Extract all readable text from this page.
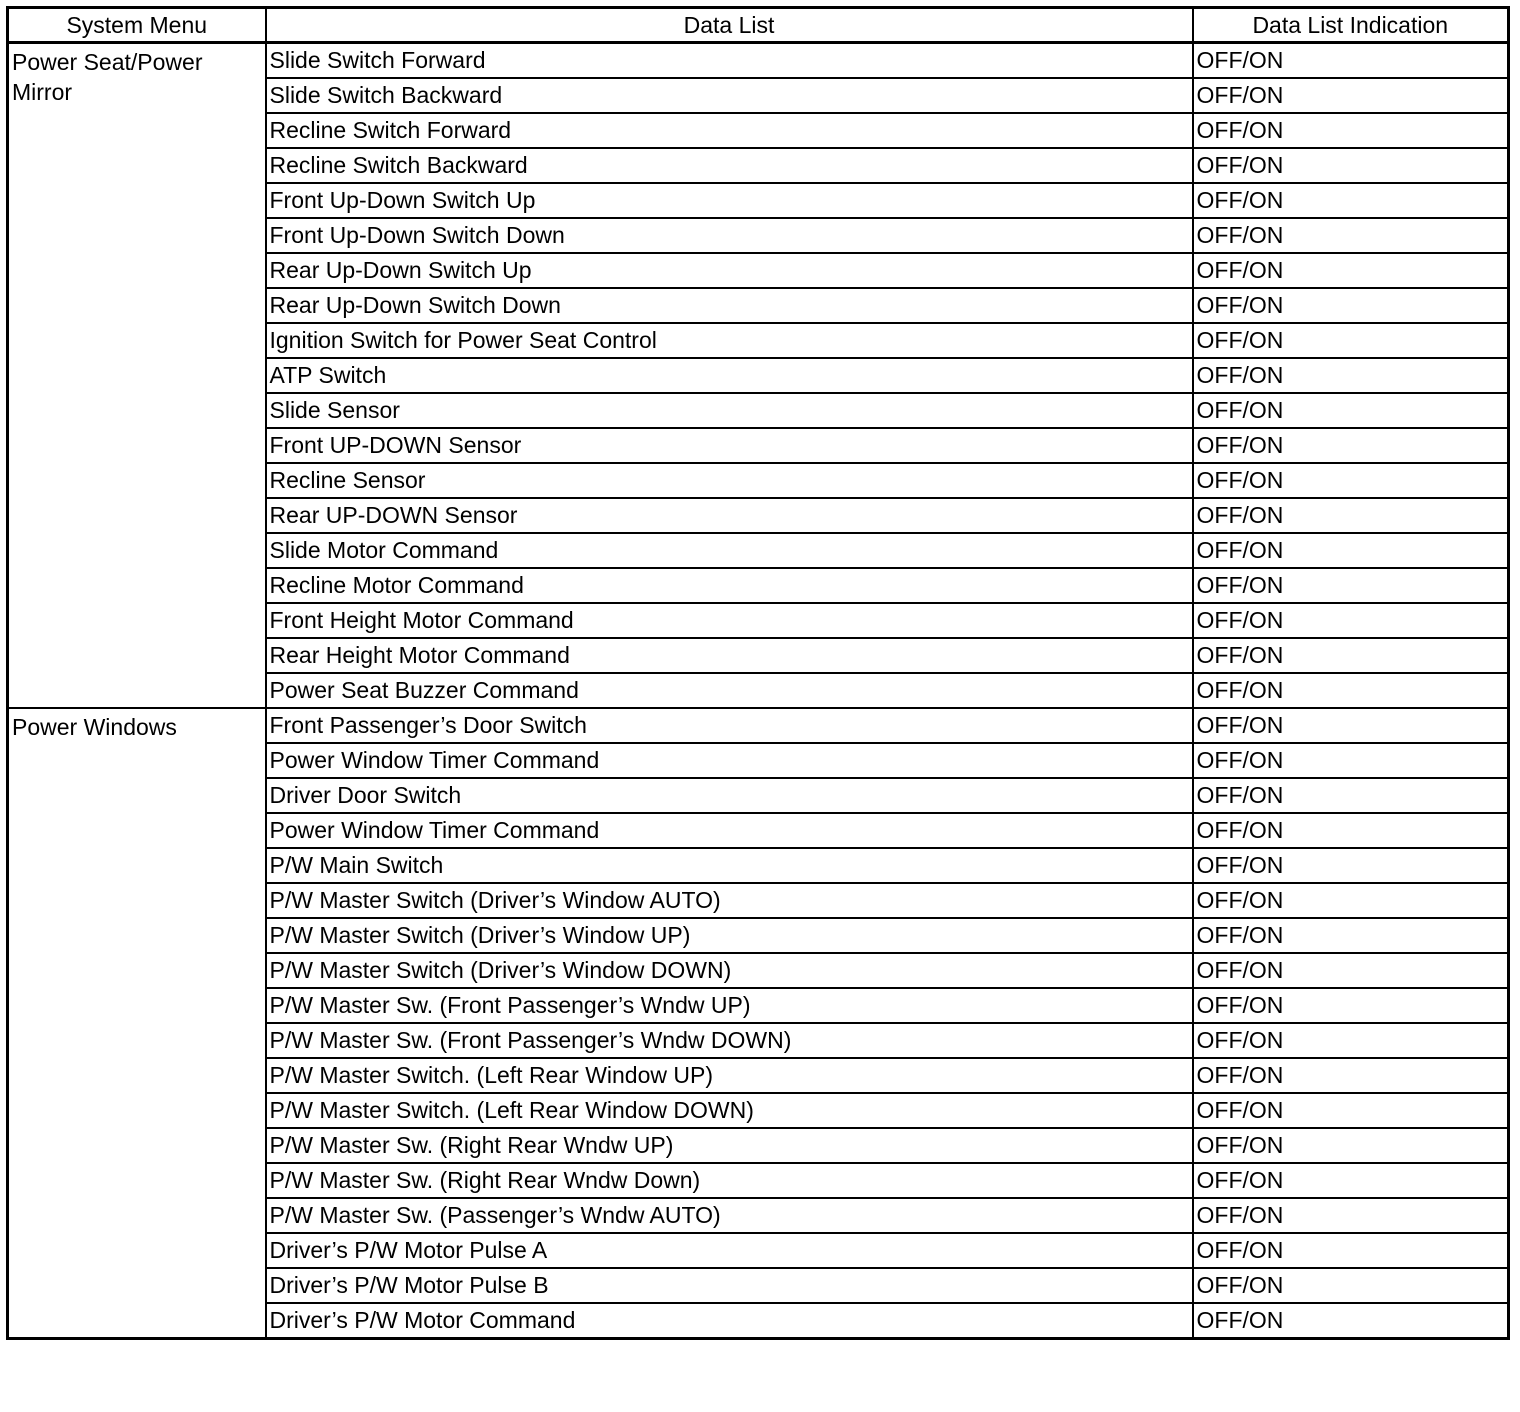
System Menu	Data List	Data List Indication
Power Seat/Power Mirror	Slide Switch Forward	OFF/ON
	Slide Switch Backward	OFF/ON
	Recline Switch Forward	OFF/ON
	Recline Switch Backward	OFF/ON
	Front Up-Down Switch Up	OFF/ON
	Front Up-Down Switch Down	OFF/ON
	Rear Up-Down Switch Up	OFF/ON
	Rear Up-Down Switch Down	OFF/ON
	Ignition Switch for Power Seat Control	OFF/ON
	ATP Switch	OFF/ON
	Slide Sensor	OFF/ON
	Front UP-DOWN Sensor	OFF/ON
	Recline Sensor	OFF/ON
	Rear UP-DOWN Sensor	OFF/ON
	Slide Motor Command	OFF/ON
	Recline Motor Command	OFF/ON
	Front Height Motor Command	OFF/ON
	Rear Height Motor Command	OFF/ON
	Power Seat Buzzer Command	OFF/ON
Power Windows	Front Passenger’s Door Switch	OFF/ON
	Power Window Timer Command	OFF/ON
	Driver Door Switch	OFF/ON
	Power Window Timer Command	OFF/ON
	P/W Main Switch	OFF/ON
	P/W Master Switch (Driver’s Window AUTO)	OFF/ON
	P/W Master Switch (Driver’s Window UP)	OFF/ON
	P/W Master Switch (Driver’s Window DOWN)	OFF/ON
	P/W Master Sw. (Front Passenger’s Wndw UP)	OFF/ON
	P/W Master Sw. (Front Passenger’s Wndw DOWN)	OFF/ON
	P/W Master Switch. (Left Rear Window UP)	OFF/ON
	P/W Master Switch. (Left Rear Window DOWN)	OFF/ON
	P/W Master Sw. (Right Rear Wndw UP)	OFF/ON
	P/W Master Sw. (Right Rear Wndw Down)	OFF/ON
	P/W Master Sw. (Passenger’s Wndw AUTO)	OFF/ON
	Driver’s P/W Motor Pulse A	OFF/ON
	Driver’s P/W Motor Pulse B	OFF/ON
	Driver’s P/W Motor Command	OFF/ON
